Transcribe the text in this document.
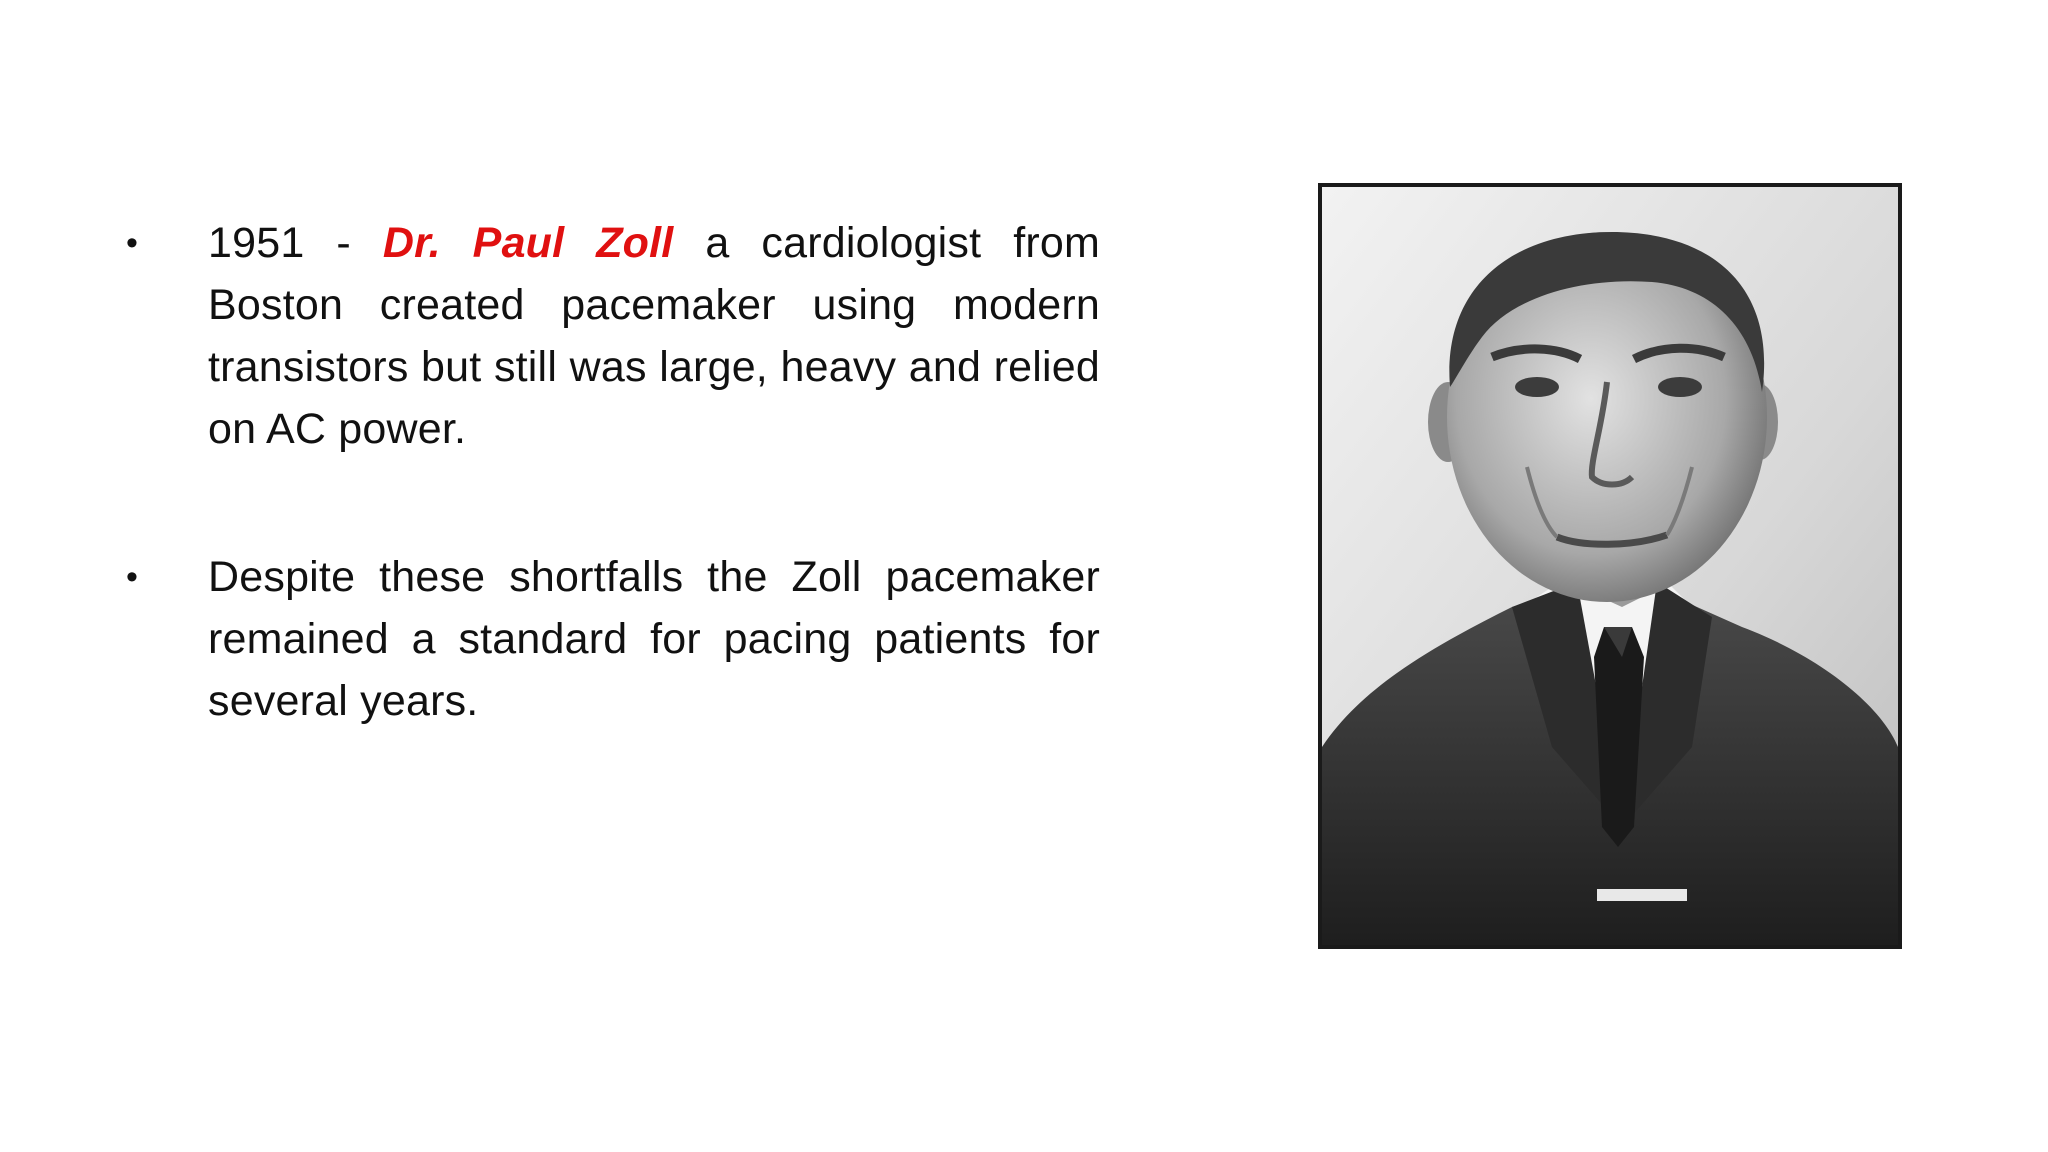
•	1951 - Dr. Paul Zoll a cardiologist from Boston created pacemaker using modern transistors but still was large, heavy and relied on AC power.
•	Despite these shortfalls the Zoll pacemaker remained a standard for pacing patients for several years.
